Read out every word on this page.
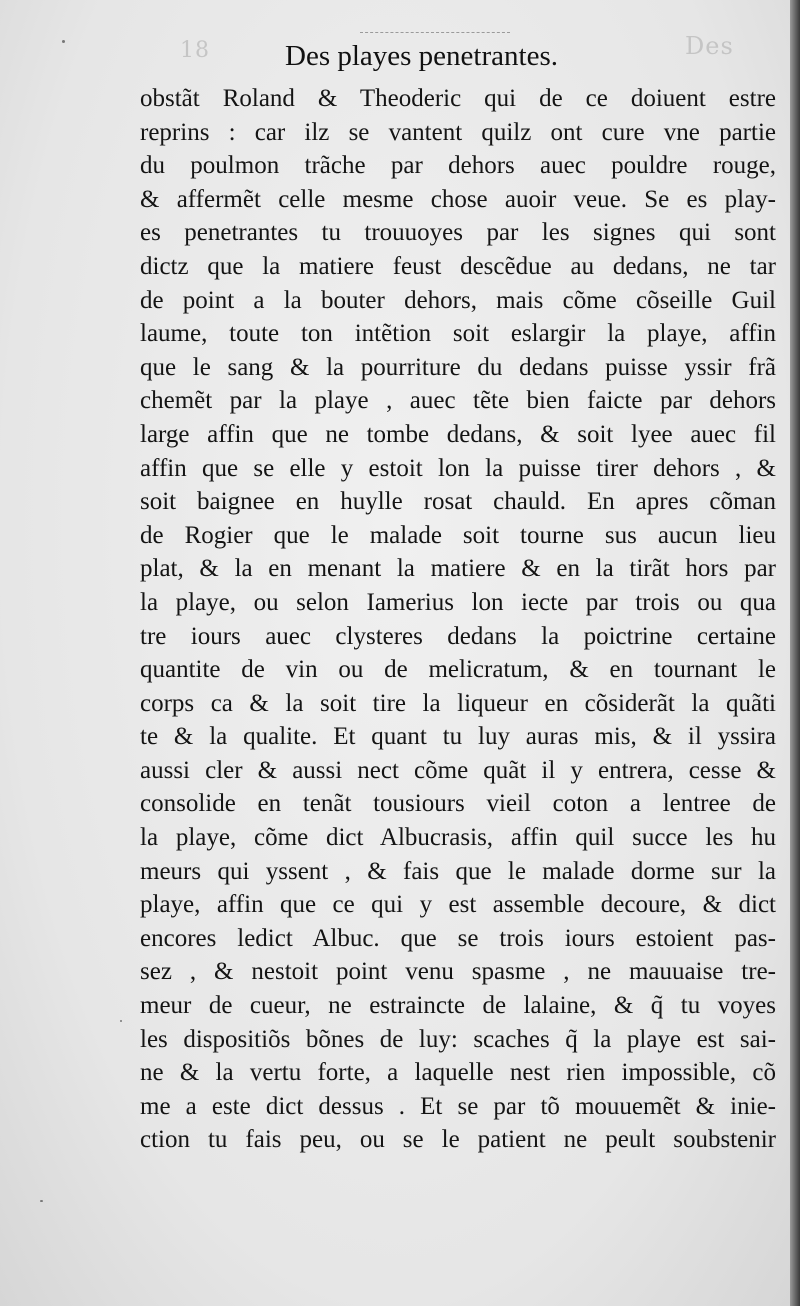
18	Des
Des playes penetrantes.
obstãt Roland & Theoderic qui de ce doiuent estre
reprins : car ilz se vantent quilz ont cure vne partie
du poulmon trãche par dehors auec pouldre rouge,
& affermẽt celle mesme chose auoir veue. Se es play-
es penetrantes tu trouuoyes par les signes qui sont
dictz que la matiere feust descẽdue au dedans, ne tar
de point a la bouter dehors, mais cõme cõseille Guil
laume, toute ton intẽtion soit eslargir la playe, affin
que le sang & la pourriture du dedans puisse yssir frã
chemẽt par la playe , auec tẽte bien faicte par dehors
large affin que ne tombe dedans, & soit lyee auec fil
affin que se elle y estoit lon la puisse tirer dehors , &
soit baignee en huylle rosat chauld. En apres cõman
de Rogier que le malade soit tourne sus aucun lieu
plat, & la en menant la matiere & en la tirãt hors par
la playe, ou selon Iamerius lon iecte par trois ou qua
tre iours auec clysteres dedans la poictrine certaine
quantite de vin ou de melicratum, & en tournant le
corps ca & la soit tire la liqueur en cõsiderãt la quãti
te & la qualite. Et quant tu luy auras mis, & il yssira
aussi cler & aussi nect cõme quãt il y entrera, cesse &
consolide en tenãt tousiours vieil coton a lentree de
la playe, cõme dict Albucrasis, affin quil succe les hu
meurs qui yssent , & fais que le malade dorme sur la
playe, affin que ce qui y est assemble decoure, & dict
encores ledict Albuc. que se trois iours estoient pas-
sez , & nestoit point venu spasme , ne mauuaise tre-
meur de cueur, ne estraincte de lalaine, & q̃ tu voyes
les dispositiõs bõnes de luy: scaches q̃ la playe est sai-
ne & la vertu forte, a laquelle nest rien impossible, cõ
me a este dict dessus . Et se par tõ mouuemẽt & inie-
ction tu fais peu, ou se le patient ne peult soubstenir
